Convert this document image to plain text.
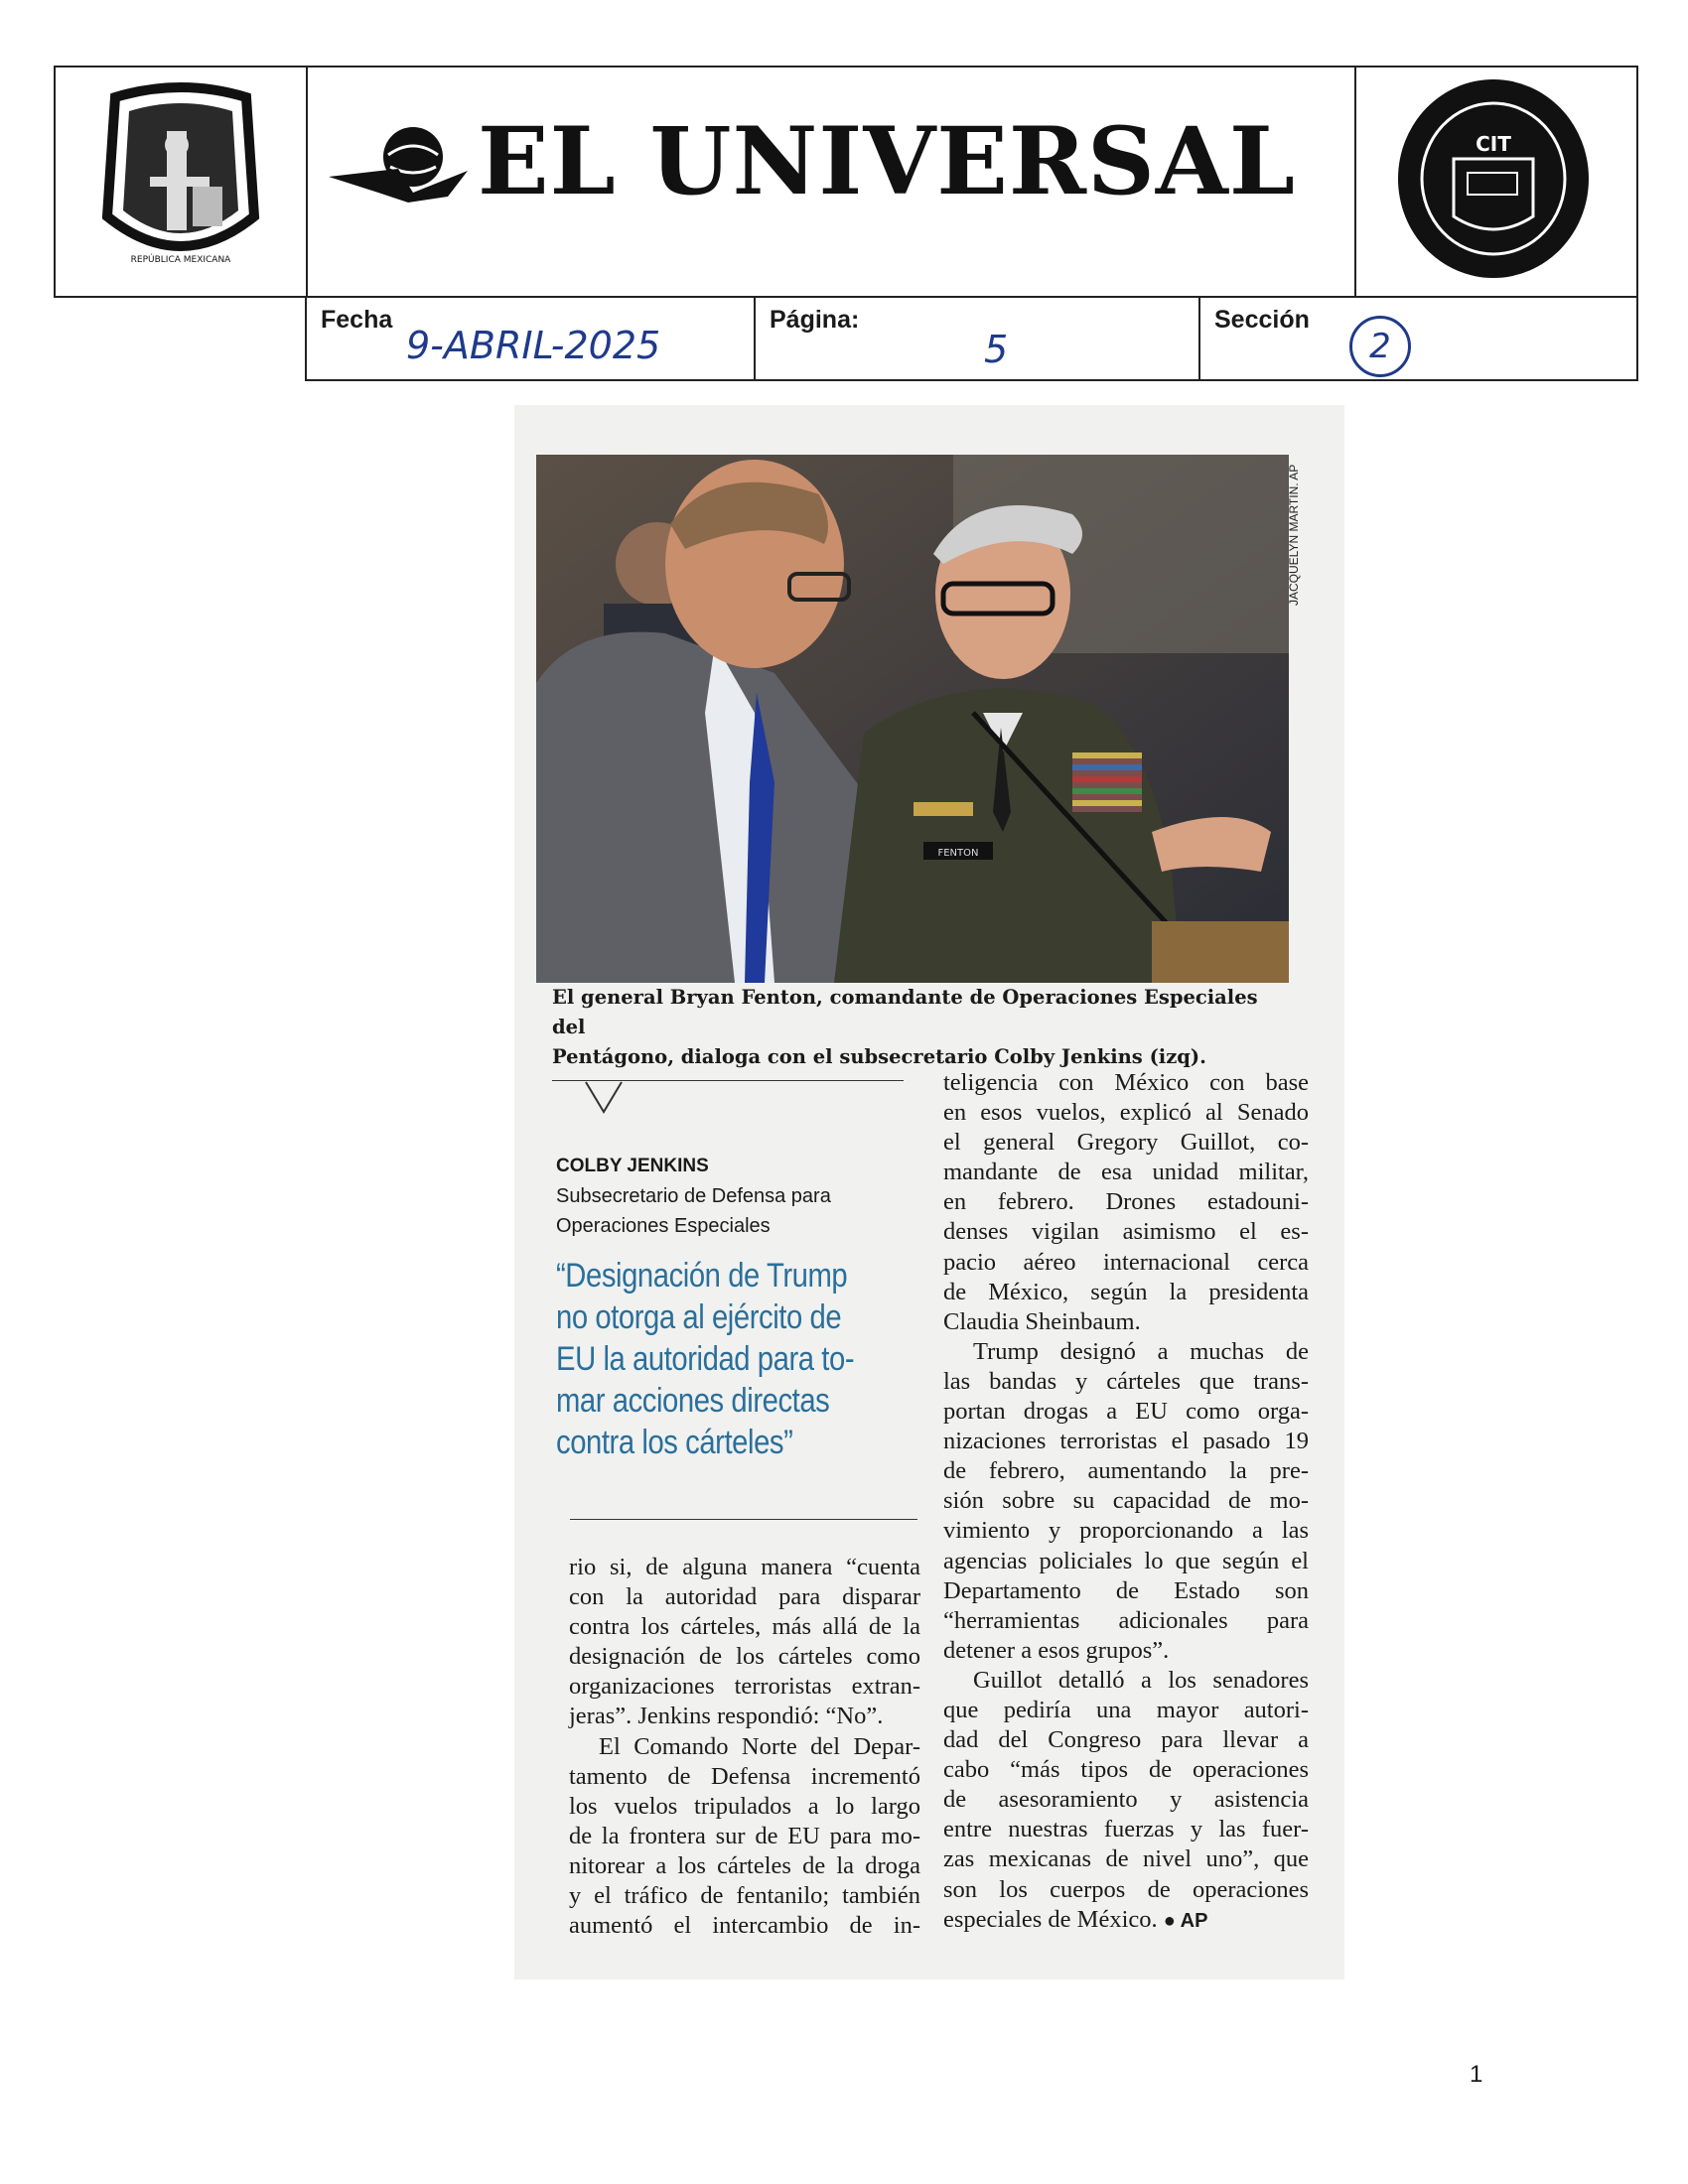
REPÚBLICA MEXICANA
CIT
EL UNIVERSAL
Fecha
9-ABRIL-2025
Página:
5
Sección
2
FENTON
JACQUELYN MARTIN. AP
El general Bryan Fenton, comandante de Operaciones Especiales del
Pentágono, dialoga con el subsecretario Colby Jenkins (izq).
COLBY JENKINS
Subsecretario de Defensa para
Operaciones Especiales
“Designación de Trump
no otorga al ejército de
EU la autoridad para to-
mar acciones directas
contra los cárteles”
rio si, de alguna manera “cuenta
con la autoridad para disparar
contra los cárteles, más allá de la
designación de los cárteles como
organizaciones terroristas extran-
jeras”. Jenkins respondió: “No”.
El Comando Norte del Depar-
tamento de Defensa incrementó
los vuelos tripulados a lo largo
de la frontera sur de EU para mo-
nitorear a los cárteles de la droga
y el tráfico de fentanilo; también
aumentó el intercambio de in-
teligencia con México con base
en esos vuelos, explicó al Senado
el general Gregory Guillot, co-
mandante de esa unidad militar,
en febrero. Drones estadouni-
denses vigilan asimismo el es-
pacio aéreo internacional cerca
de México, según la presidenta
Claudia Sheinbaum.
Trump designó a muchas de
las bandas y cárteles que trans-
portan drogas a EU como orga-
nizaciones terroristas el pasado 19
de febrero, aumentando la pre-
sión sobre su capacidad de mo-
vimiento y proporcionando a las
agencias policiales lo que según el
Departamento de Estado son
“herramientas adicionales para
detener a esos grupos”.
Guillot detalló a los senadores
que pediría una mayor autori-
dad del Congreso para llevar a
cabo “más tipos de operaciones
de asesoramiento y asistencia
entre nuestras fuerzas y las fuer-
zas mexicanas de nivel uno”, que
son los cuerpos de operaciones
especiales de México. ● AP
1
